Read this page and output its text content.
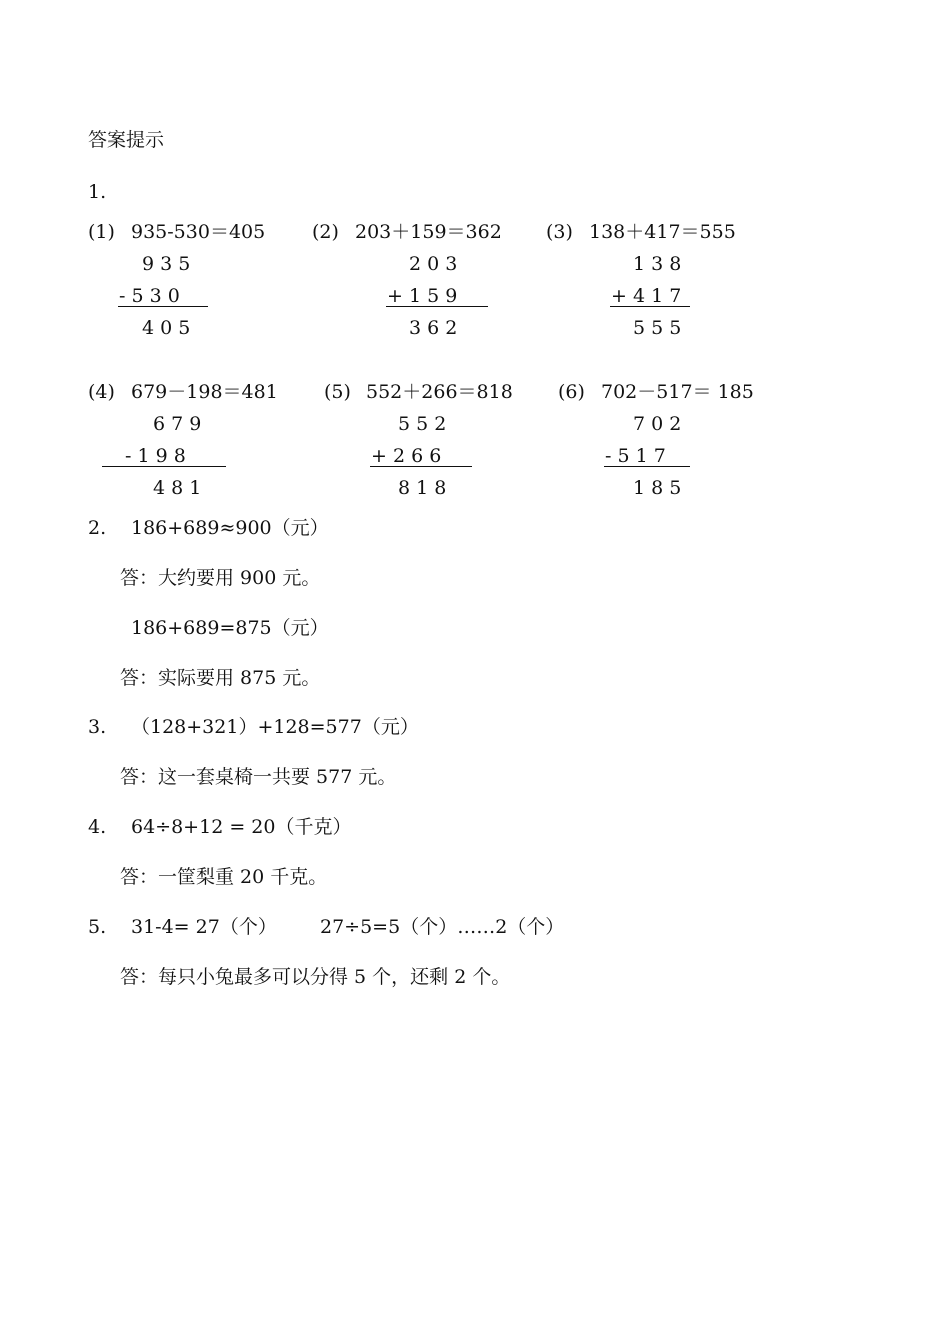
答案提示
1.
(1) 935-530＝405
9 3 5
- 5 3 0
4 0 5
(2) 203＋159＝362
2 0 3
+ 1 5 9
3 6 2
(3) 138＋417＝555
1 3 8
+ 4 1 7
5 5 5
(4) 679－198＝481
6 7 9
- 1 9 8
4 8 1
(5) 552＋266＝818
5 5 2
+ 2 6 6
8 1 8
(6) 702－517＝ 185
7 0 2
- 5 1 7
1 8 5
2. 186+689≈900（元）
答：大约要用 900 元。
186+689=875（元）
答：实际要用 875 元。
3. （128+321）+128=577（元）
答：这一套桌椅一共要 577 元。
4. 64÷8+12 = 20（千克）
答：一筐梨重 20 千克。
5. 31-4= 27（个） 27÷5=5（个）……2（个）
答：每只小兔最多可以分得 5 个，还剩 2 个。
